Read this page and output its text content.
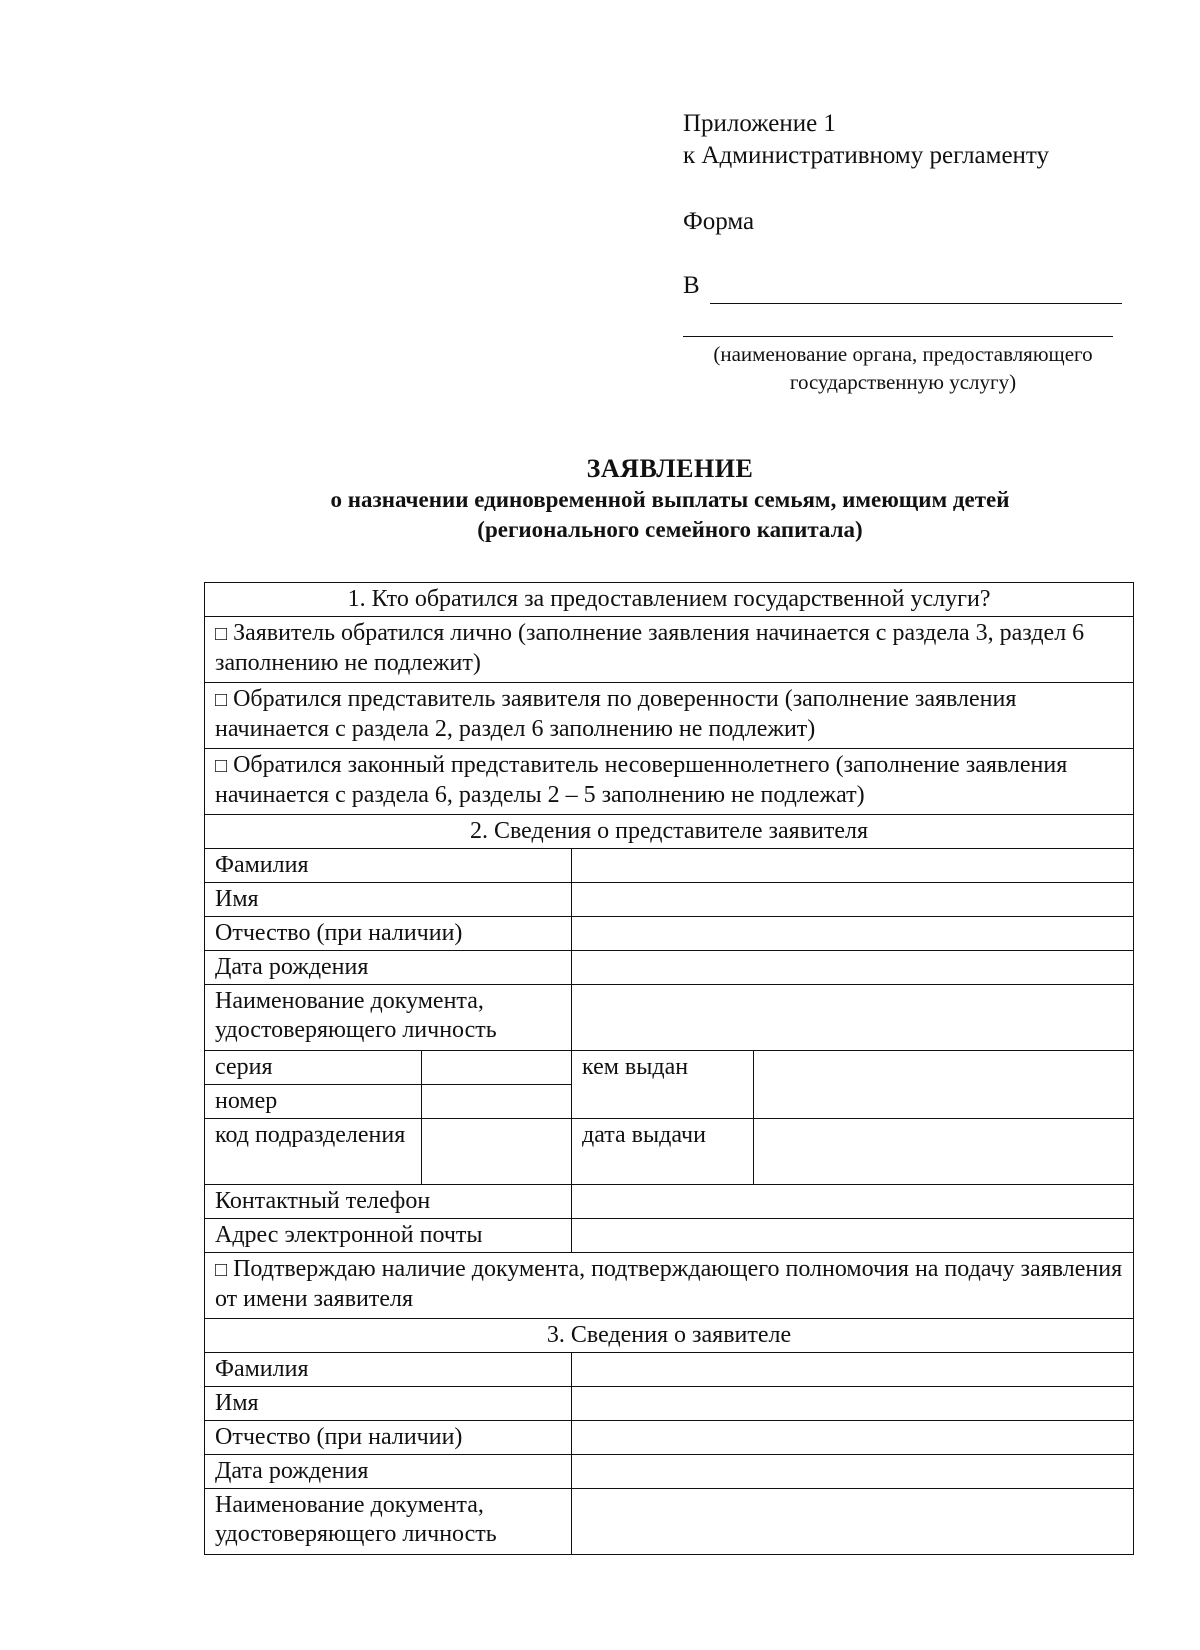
Приложение 1
к Административному регламенту
Форма
В
(наименование органа, предоставляющего
государственную услугу)
ЗАЯВЛЕНИЕ
о назначении единовременной выплаты семьям, имеющим детей
(регионального семейного капитала)
1. Кто обратился за предоставлением государственной услуги?			
□ Заявитель обратился лично (заполнение заявления начинается с раздела 3, раздел 6 заполнению не подлежит)			
□ Обратился представитель заявителя по доверенности (заполнение заявления начинается с раздела 2, раздел 6 заполнению не подлежит)			
□ Обратился законный представитель несовершеннолетнего (заполнение заявления начинается с раздела 6, разделы 2 – 5 заполнению не подлежат)			
2. Сведения о представителе заявителя			
Фамилия			
Имя			
Отчество (при наличии)			
Дата рождения			
Наименование документа, удостоверяющего личность			
серия		кем выдан	
номер			
код подразделения		дата выдачи	
Контактный телефон			
Адрес электронной почты			
□ Подтверждаю наличие документа, подтверждающего полномочия на подачу заявления от имени заявителя			
3. Сведения о заявителе			
Фамилия			
Имя			
Отчество (при наличии)			
Дата рождения			
Наименование документа, удостоверяющего личность			
